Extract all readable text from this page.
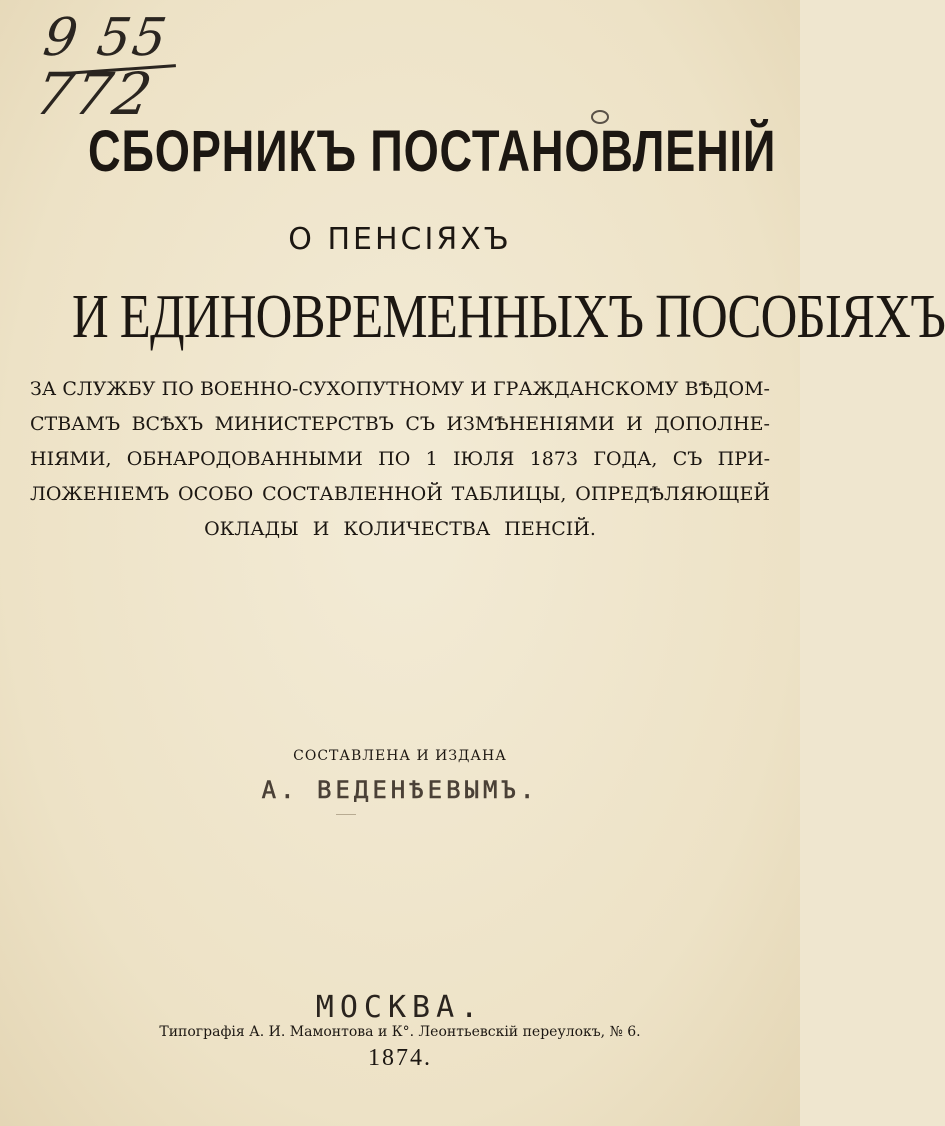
9 55
772
СБОРНИКЪ ПОСТАНОВЛЕНІЙ
О ПЕНСІЯХЪ
И ЕДИНОВРЕМЕННЫХЪ ПОСОБІЯХЪ
ЗА СЛУЖБУ ПО ВОЕННО-СУХОПУТНОМУ И ГРАЖДАНСКОМУ ВѢДОМ-
СТВАМЪ ВСѢХЪ МИНИСТЕРСТВЪ СЪ ИЗМѢНЕНІЯМИ И ДОПОЛНЕ-
НІЯМИ, ОБНАРОДОВАННЫМИ ПО 1 ІЮЛЯ 1873 ГОДА, СЪ ПРИ-
ЛОЖЕНІЕМЪ ОСОБО СОСТАВЛЕННОЙ ТАБЛИЦЫ, ОПРЕДѢЛЯЮЩЕЙ
ОКЛАДЫ И КОЛИЧЕСТВА ПЕНСІЙ.
СОСТАВЛЕНА И ИЗДАНА
А. ВЕДЕНѢЕВЫМЪ.
МОСКВА.
Типографія А. И. Мамонтова и К°. Леонтьевскій переулокъ, № 6.
1874.
